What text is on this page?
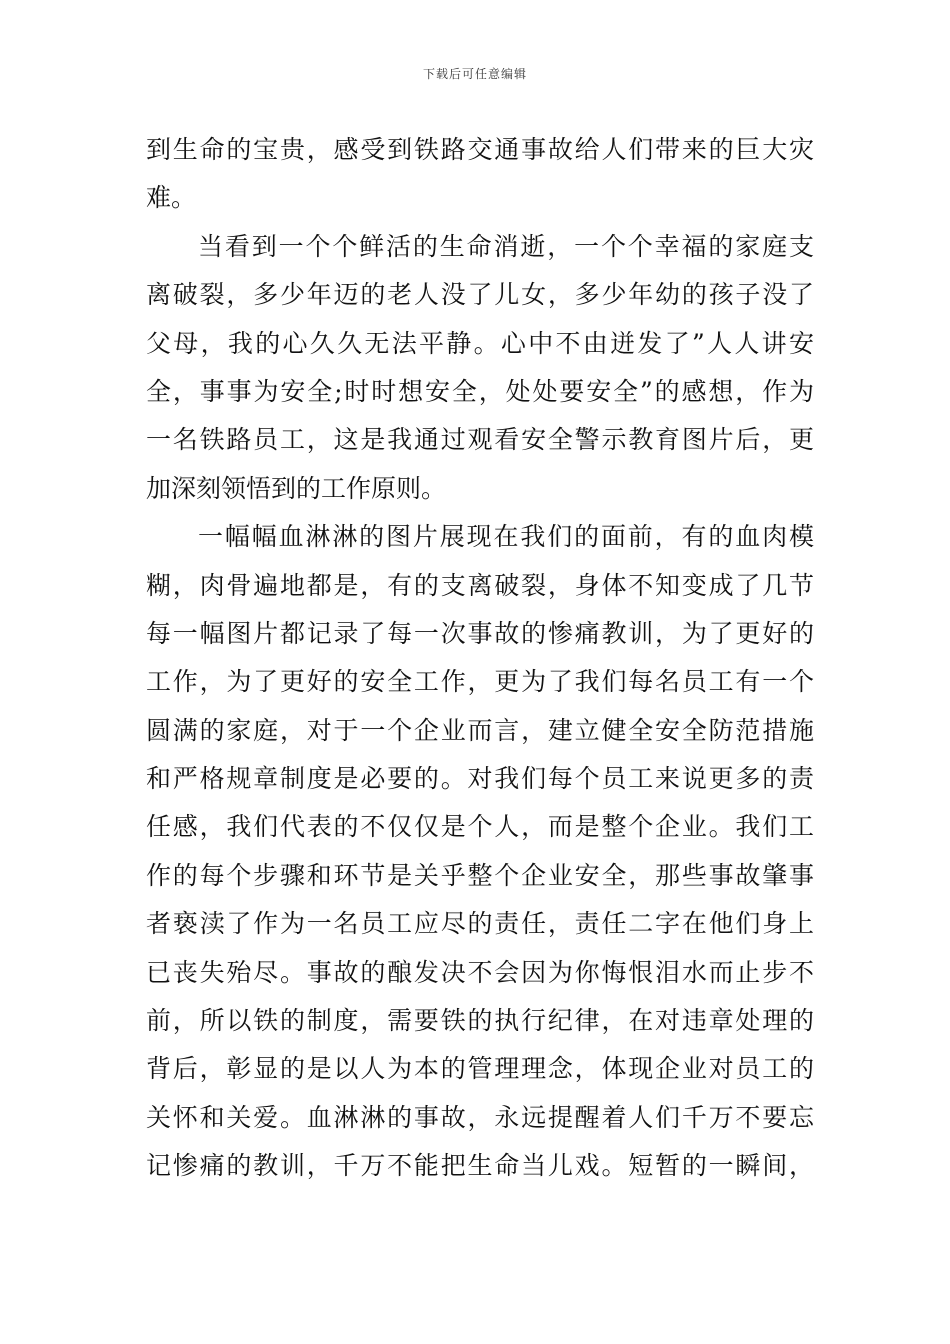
下载后可任意编辑
到生命的宝贵，感受到铁路交通事故给人们带来的巨大灾
难。
当看到一个个鲜活的生命消逝，一个个幸福的家庭支
离破裂，多少年迈的老人没了儿女，多少年幼的孩子没了
父母，我的心久久无法平静。心中不由迸发了”人人讲安
全，事事为安全;时时想安全，处处要安全”的感想，作为
一名铁路员工，这是我通过观看安全警示教育图片后，更
加深刻领悟到的工作原则。
一幅幅血淋淋的图片展现在我们的面前，有的血肉模
糊，肉骨遍地都是，有的支离破裂，身体不知变成了几节
每一幅图片都记录了每一次事故的惨痛教训，为了更好的
工作，为了更好的安全工作，更为了我们每名员工有一个
圆满的家庭，对于一个企业而言，建立健全安全防范措施
和严格规章制度是必要的。对我们每个员工来说更多的责
任感，我们代表的不仅仅是个人，而是整个企业。我们工
作的每个步骤和环节是关乎整个企业安全，那些事故肇事
者亵渎了作为一名员工应尽的责任，责任二字在他们身上
已丧失殆尽。事故的酿发决不会因为你悔恨泪水而止步不
前，所以铁的制度，需要铁的执行纪律，在对违章处理的
背后，彰显的是以人为本的管理理念，体现企业对员工的
关怀和关爱。血淋淋的事故，永远提醒着人们千万不要忘
记惨痛的教训，千万不能把生命当儿戏。短暂的一瞬间，
